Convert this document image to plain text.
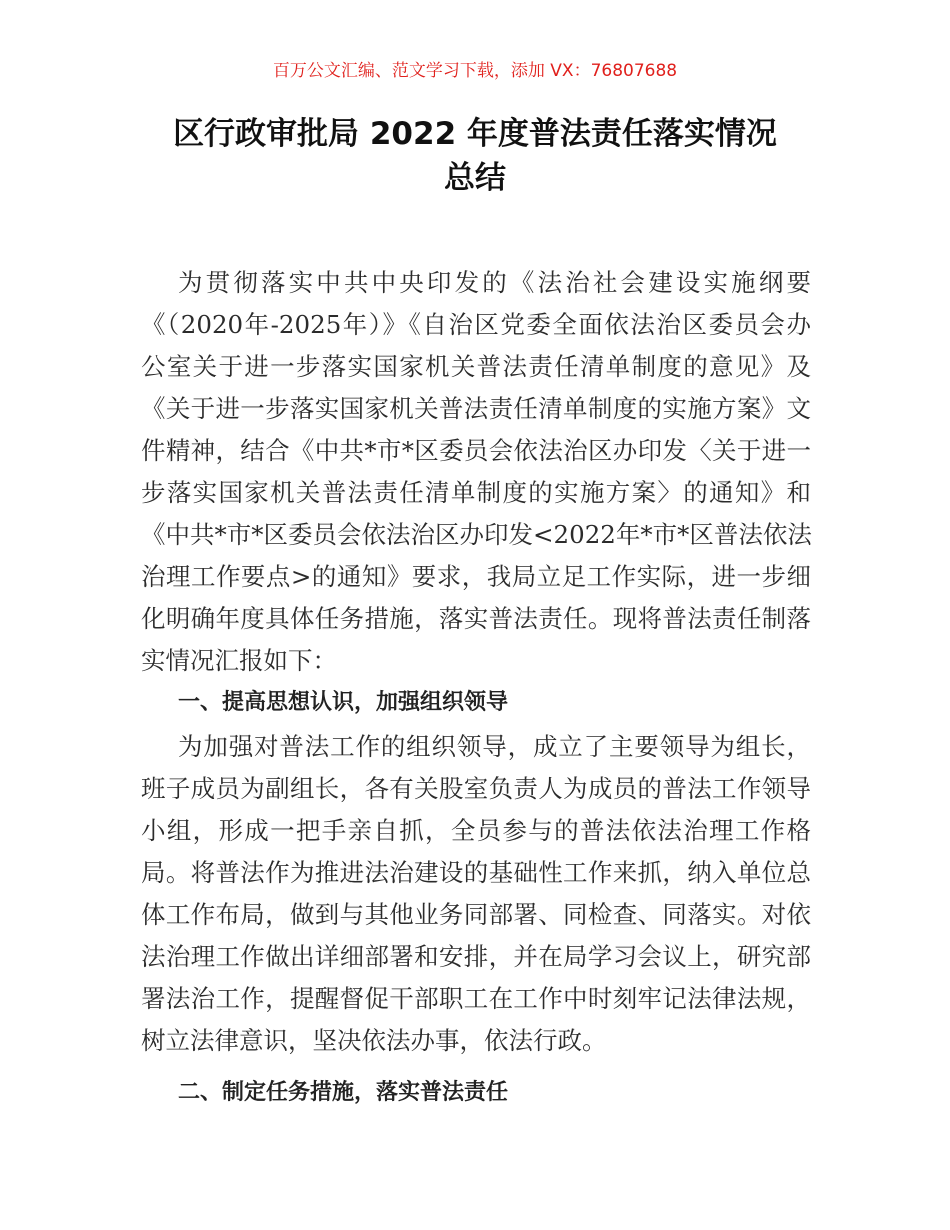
百万公文汇编、范文学习下载，添加 VX：76807688
区行政审批局 2022 年度普法责任落实情况
总结
为贯彻落实中共中央印发的《法治社会建设实施纲要
《（2020年-2025年）》《自治区党委全面依法治区委员会办
公室关于进一步落实国家机关普法责任清单制度的意见》及
《关于进一步落实国家机关普法责任清单制度的实施方案》文
件精神，结合《中共*市*区委员会依法治区办印发〈关于进一
步落实国家机关普法责任清单制度的实施方案〉的通知》和
《中共*市*区委员会依法治区办印发<2022年*市*区普法依法
治理工作要点>的通知》要求，我局立足工作实际，进一步细
化明确年度具体任务措施，落实普法责任。现将普法责任制落
实情况汇报如下：
一、提高思想认识，加强组织领导
为加强对普法工作的组织领导，成立了主要领导为组长，
班子成员为副组长，各有关股室负责人为成员的普法工作领导
小组，形成一把手亲自抓，全员参与的普法依法治理工作格
局。将普法作为推进法治建设的基础性工作来抓，纳入单位总
体工作布局，做到与其他业务同部署、同检查、同落实。对依
法治理工作做出详细部署和安排，并在局学习会议上，研究部
署法治工作，提醒督促干部职工在工作中时刻牢记法律法规，
树立法律意识，坚决依法办事，依法行政。
二、制定任务措施，落实普法责任
